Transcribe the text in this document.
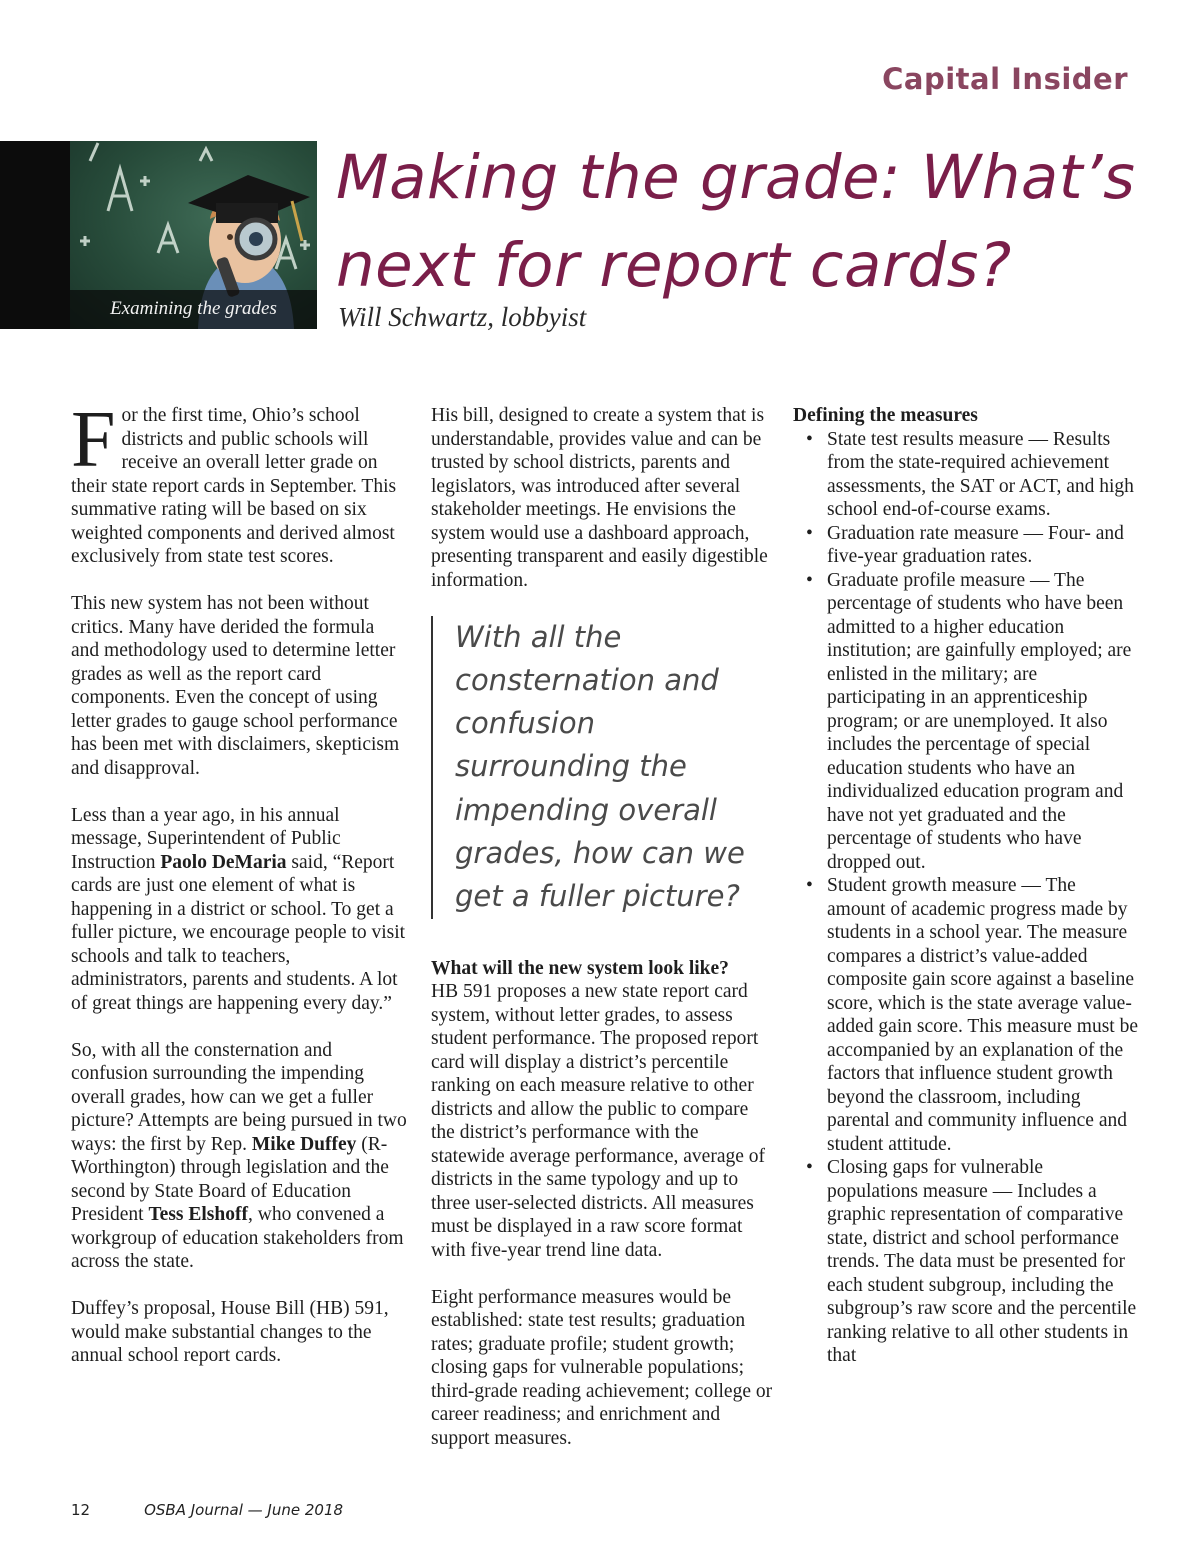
Capital Insider
Examining the grades
Making the grade: What’s next for report cards?
Will Schwartz, lobbyist

For the first time, Ohio’s school districts and public schools will receive an overall letter grade on their state report cards in September. This summative rating will be based on six weighted components and derived almost exclusively from state test scores.

This new system has not been without critics. Many have derided the formula and methodology used to determine letter grades as well as the report card components. Even the concept of using letter grades to gauge school performance has been met with disclaimers, skepticism and disapproval.

Less than a year ago, in his annual message, Superintendent of Public Instruction Paolo DeMaria said, “Report cards are just one element of what is happening in a district or school. To get a fuller picture, we encourage people to visit schools and talk to teachers, administrators, parents and students. A lot of great things are happening every day.”

So, with all the consternation and confusion surrounding the impending overall grades, how can we get a fuller picture? Attempts are being pursued in two ways: the first by Rep. Mike Duffey (R-Worthington) through legislation and the second by State Board of Education President Tess Elshoff, who convened a workgroup of education stakeholders from across the state.

Duffey’s proposal, House Bill (HB) 591, would make substantial changes to the annual school report cards.

His bill, designed to create a system that is understandable, provides value and can be trusted by school districts, parents and legislators, was introduced after several stakeholder meetings. He envisions the system would use a dashboard approach, presenting transparent and easily digestible information.

With all the consternation and confusion surrounding the impending overall grades, how can we get a fuller picture?
What will the new system look like?

HB 591 proposes a new state report card system, without letter grades, to assess student performance. The proposed report card will display a district’s percentile ranking on each measure relative to other districts and allow the public to compare the district’s performance with the statewide average performance, average of districts in the same typology and up to three user-selected districts. All measures must be displayed in a raw score format with five-year trend line data.

Eight performance measures would be established: state test results; graduation rates; graduate profile; student growth; closing gaps for vulnerable populations; third-grade reading achievement; college or career readiness; and enrichment and support measures.

Defining the measures
• State test results measure — Results from the state-required achievement assessments, the SAT or ACT, and high school end-of-course exams.
• Graduation rate measure — Four- and five-year graduation rates.
• Graduate profile measure — The percentage of students who have been admitted to a higher education institution; are gainfully employed; are enlisted in the military; are participating in an apprenticeship program; or are unemployed. It also includes the percentage of special education students who have an individualized education program and have not yet graduated and the percentage of students who have dropped out.
• Student growth measure — The amount of academic progress made by students in a school year. The measure compares a district’s value-added composite gain score against a baseline score, which is the state average value-added gain score. This measure must be accompanied by an explanation of the factors that influence student growth beyond the classroom, including parental and community influence and student attitude.
• Closing gaps for vulnerable populations measure — Includes a graphic representation of comparative state, district and school performance trends. The data must be presented for each student subgroup, including the subgroup’s raw score and the percentile ranking relative to all other students in that
12	OSBA Journal — June 2018
